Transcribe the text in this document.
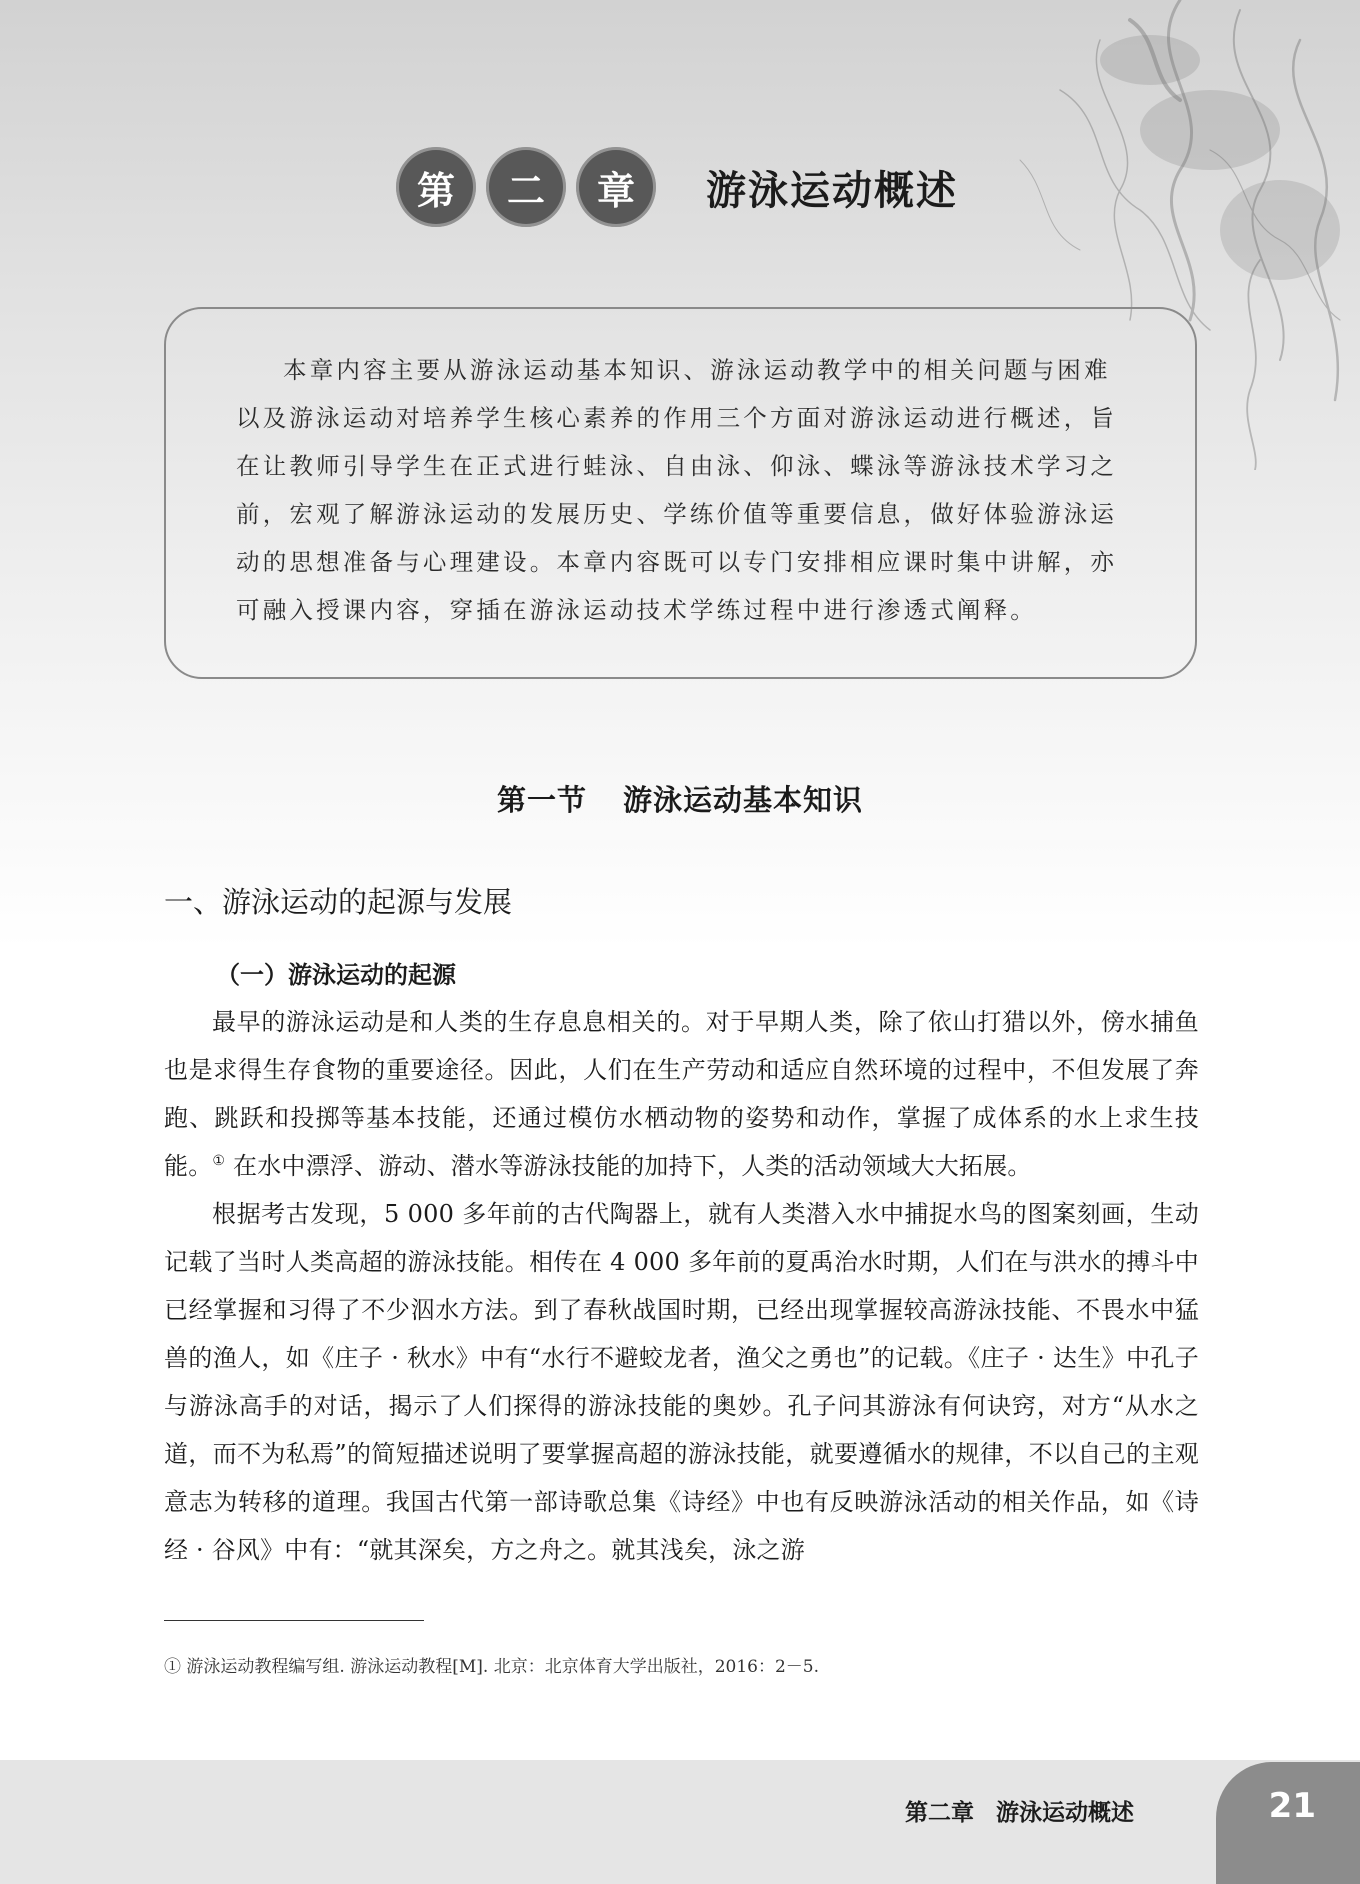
第	二	章	游泳运动概述

本章内容主要从游泳运动基本知识、游泳运动教学中的相关问题与困难以及游泳运动对培养学生核心素养的作用三个方面对游泳运动进行概述，旨在让教师引导学生在正式进行蛙泳、自由泳、仰泳、蝶泳等游泳技术学习之前，宏观了解游泳运动的发展历史、学练价值等重要信息，做好体验游泳运动的思想准备与心理建设。本章内容既可以专门安排相应课时集中讲解，亦可融入授课内容，穿插在游泳运动技术学练过程中进行渗透式阐释。

第一节 游泳运动基本知识
一、游泳运动的起源与发展
（一）游泳运动的起源

最早的游泳运动是和人类的生存息息相关的。对于早期人类，除了依山打猎以外，傍水捕鱼也是求得生存食物的重要途径。因此，人们在生产劳动和适应自然环境的过程中，不但发展了奔跑、跳跃和投掷等基本技能，还通过模仿水栖动物的姿势和动作，掌握了成体系的水上求生技能。① 在水中漂浮、游动、潜水等游泳技能的加持下，人类的活动领域大大拓展。

根据考古发现，5 000 多年前的古代陶器上，就有人类潜入水中捕捉水鸟的图案刻画，生动记载了当时人类高超的游泳技能。相传在 4 000 多年前的夏禹治水时期，人们在与洪水的搏斗中已经掌握和习得了不少泅水方法。到了春秋战国时期，已经出现掌握较高游泳技能、不畏水中猛兽的渔人，如《庄子 · 秋水》中有“水行不避蛟龙者，渔父之勇也”的记载。《庄子 · 达生》中孔子与游泳高手的对话，揭示了人们探得的游泳技能的奥妙。孔子问其游泳有何诀窍，对方“从水之道，而不为私焉”的简短描述说明了要掌握高超的游泳技能，就要遵循水的规律，不以自己的主观意志为转移的道理。我国古代第一部诗歌总集《诗经》中也有反映游泳活动的相关作品，如《诗经 · 谷风》中有：“就其深矣，方之舟之。就其浅矣，泳之游

① 游泳运动教程编写组. 游泳运动教程[M]. 北京：北京体育大学出版社，2016：2－5.
第二章 游泳运动概述	21
